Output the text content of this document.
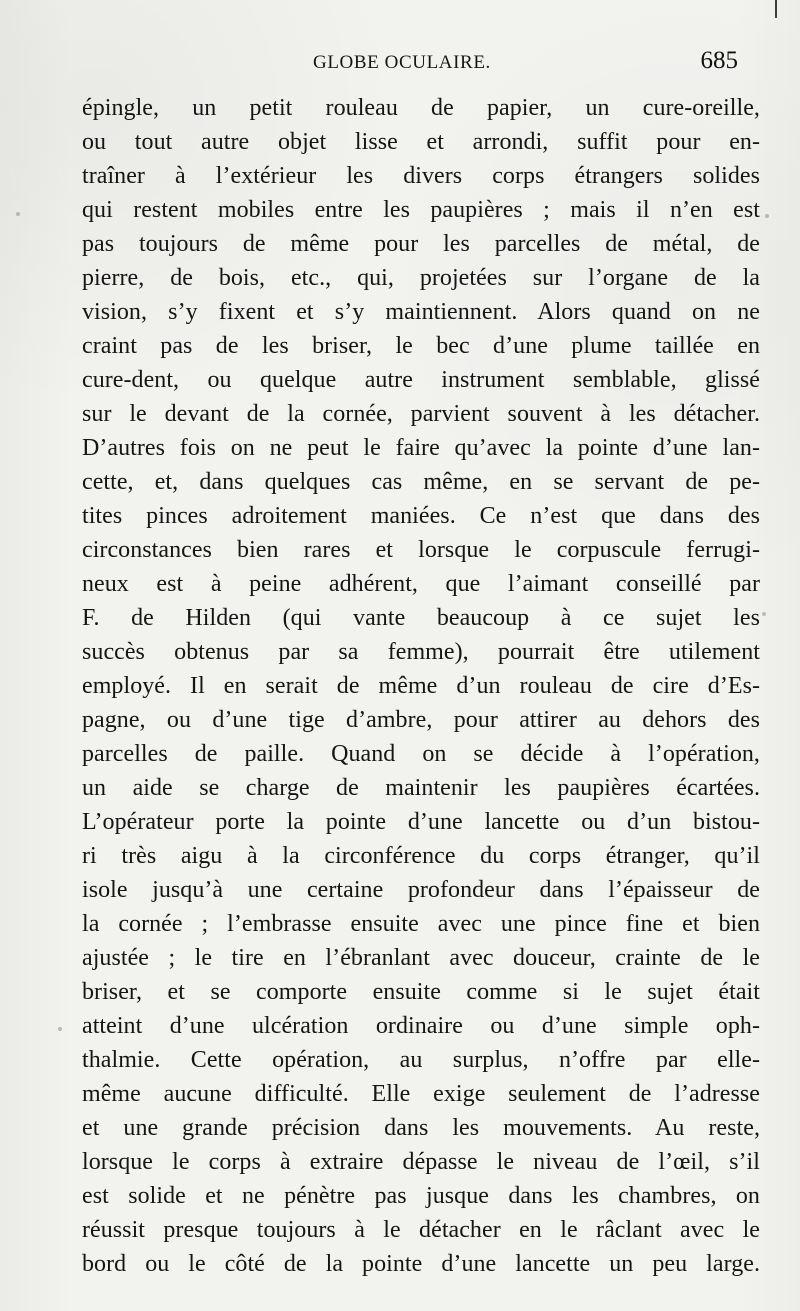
GLOBE OCULAIRE.	685
épingle, un petit rouleau de papier, un cure-oreille,
ou tout autre objet lisse et arrondi, suffit pour en-
traîner à l’extérieur les divers corps étrangers solides
qui restent mobiles entre les paupières ; mais il n’en est
pas toujours de même pour les parcelles de métal, de
pierre, de bois, etc., qui, projetées sur l’organe de la
vision, s’y fixent et s’y maintiennent. Alors quand on ne
craint pas de les briser, le bec d’une plume taillée en
cure-dent, ou quelque autre instrument semblable, glissé
sur le devant de la cornée, parvient souvent à les détacher.
D’autres fois on ne peut le faire qu’avec la pointe d’une lan-
cette, et, dans quelques cas même, en se servant de pe-
tites pinces adroitement maniées. Ce n’est que dans des
circonstances bien rares et lorsque le corpuscule ferrugi-
neux est à peine adhérent, que l’aimant conseillé par
F. de Hilden (qui vante beaucoup à ce sujet les
succès obtenus par sa femme), pourrait être utilement
employé. Il en serait de même d’un rouleau de cire d’Es-
pagne, ou d’une tige d’ambre, pour attirer au dehors des
parcelles de paille. Quand on se décide à l’opération,
un aide se charge de maintenir les paupières écartées.
L’opérateur porte la pointe d’une lancette ou d’un bistou-
ri très aigu à la circonférence du corps étranger, qu’il
isole jusqu’à une certaine profondeur dans l’épaisseur de
la cornée ; l’embrasse ensuite avec une pince fine et bien
ajustée ; le tire en l’ébranlant avec douceur, crainte de le
briser, et se comporte ensuite comme si le sujet était
atteint d’une ulcération ordinaire ou d’une simple oph-
thalmie. Cette opération, au surplus, n’offre par elle-
même aucune difficulté. Elle exige seulement de l’adresse
et une grande précision dans les mouvements. Au reste,
lorsque le corps à extraire dépasse le niveau de l’œil, s’il
est solide et ne pénètre pas jusque dans les chambres, on
réussit presque toujours à le détacher en le râclant avec le
bord ou le côté de la pointe d’une lancette un peu large.
